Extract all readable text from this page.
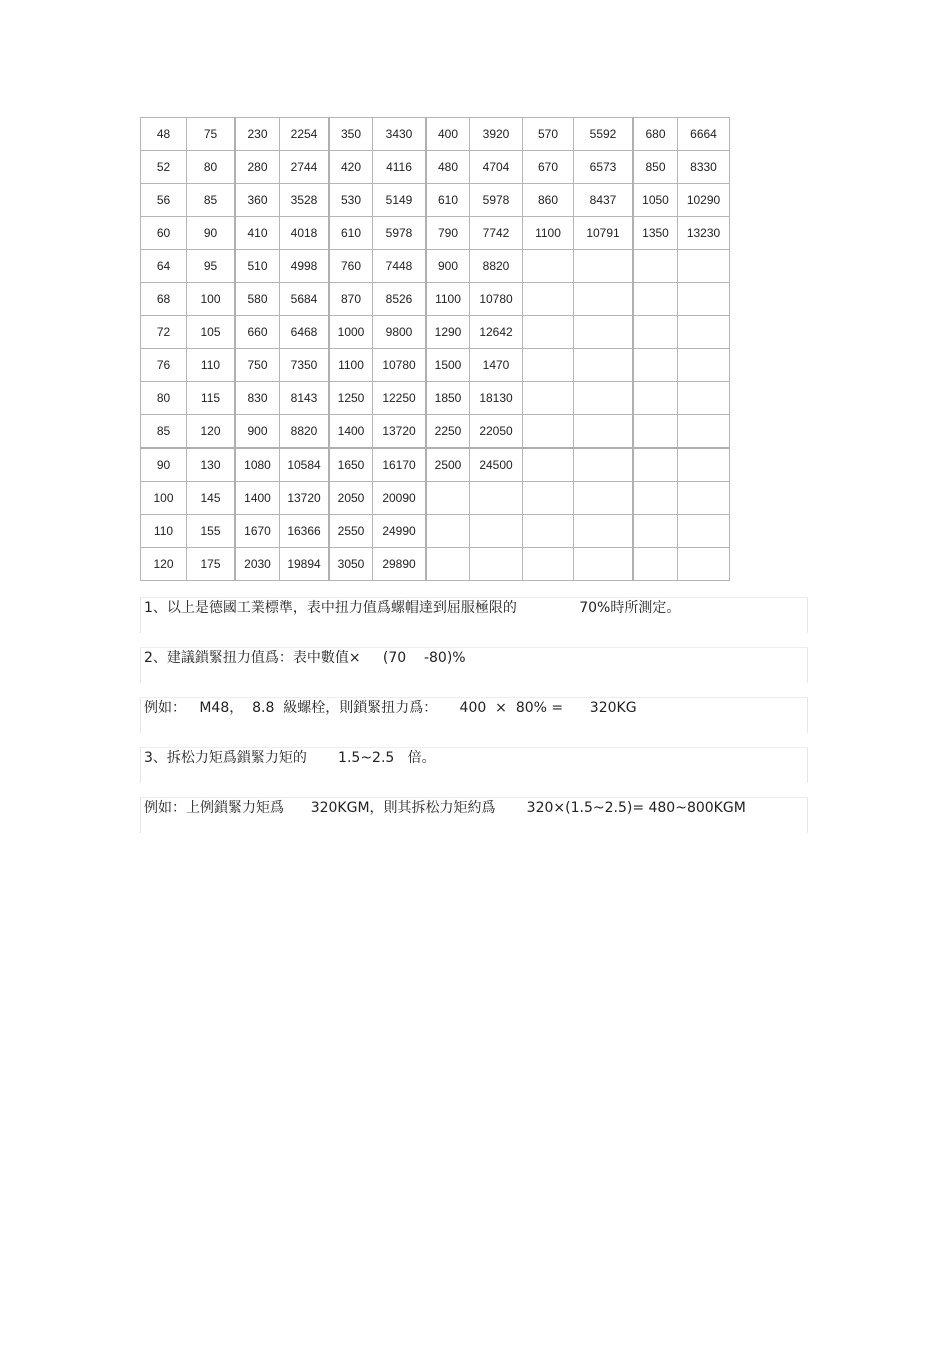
48	75	230	2254	350	3430	400	3920	570	5592	680	6664
52	80	280	2744	420	4116	480	4704	670	6573	850	8330
56	85	360	3528	530	5149	610	5978	860	8437	1050	10290
60	90	410	4018	610	5978	790	7742	1100	10791	1350	13230
64	95	510	4998	760	7448	900	8820				
68	100	580	5684	870	8526	1100	10780				
72	105	660	6468	1000	9800	1290	12642				
76	110	750	7350	1100	10780	1500	1470				
80	115	830	8143	1250	12250	1850	18130				
85	120	900	8820	1400	13720	2250	22050				
90	130	1080	10584	1650	16170	2500	24500				
100	145	1400	13720	2050	20090						
110	155	1670	16366	2550	24990						
120	175	2030	19894	3050	29890						
1、以上是德國工業標準，表中扭力值爲螺帽達到屈服極限的              70%時所測定。
2、建議鎖緊扭力值爲：表中數值×     (70    -80)%
例如：   M48，  8.8  級螺栓，則鎖緊扭力爲：     400  ×  80% =      320KG
3、拆松力矩爲鎖緊力矩的       1.5~2.5   倍。
例如：上例鎖緊力矩爲      320KGM，則其拆松力矩約爲       320×(1.5~2.5)= 480~800KGM
